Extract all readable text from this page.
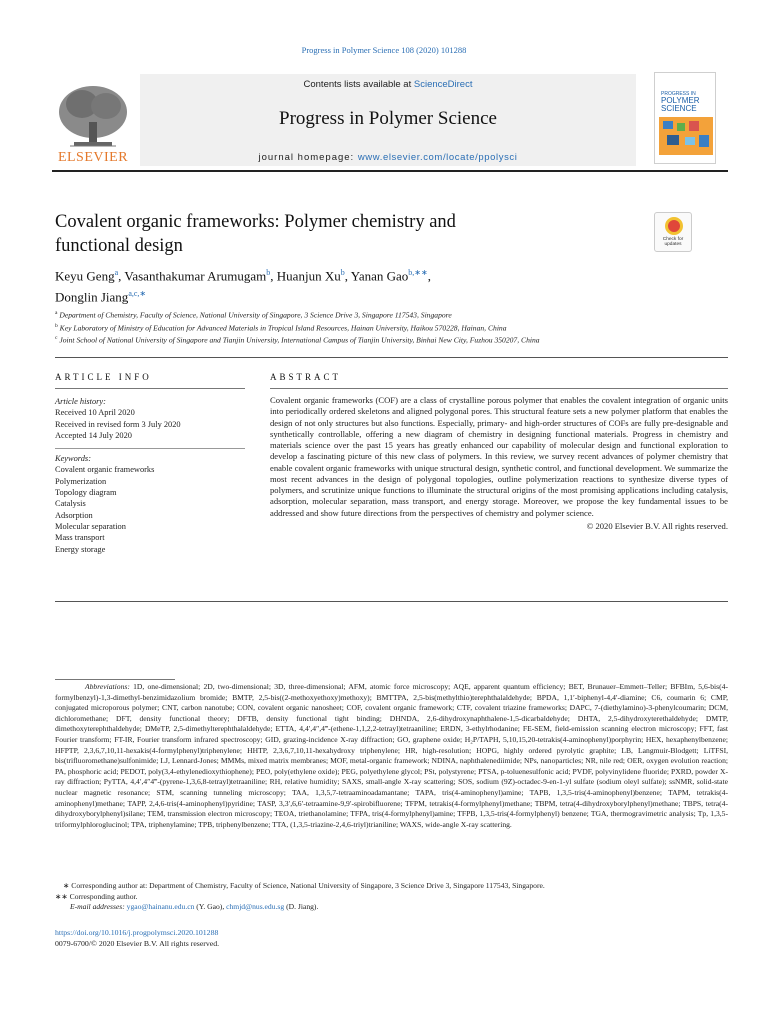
Progress in Polymer Science 108 (2020) 101288
Contents lists available at ScienceDirect
Progress in Polymer Science
journal homepage: www.elsevier.com/locate/ppolysci
ELSEVIER
PROGRESS IN
POLYMER
SCIENCE
Covalent organic frameworks: Polymer chemistry and
functional design	Check for updates
Keyu Geng$^a$, Vasanthakumar Arumugam$^b$, Huanjun Xu$^b$, Yanan Gao$^{b,∗∗}$,
Donglin Jiang$^{a,c,∗}$
$^a$ Department of Chemistry, Faculty of Science, National University of Singapore, 3 Science Drive 3, Singapore 117543, Singapore
$^b$ Key Laboratory of Ministry of Education for Advanced Materials in Tropical Island Resources, Hainan University, Haikou 570228, Hainan, China
$^c$ Joint School of National University of Singapore and Tianjin University, International Campus of Tianjin University, Binhai New City, Fuzhou 350207, China
ARTICLE INFO	ABSTRACT
Article history:
Received 10 April 2020
Received in revised form 3 July 2020
Accepted 14 July 2020
Keywords:
Covalent organic frameworks
Polymerization
Topology diagram
Catalysis
Adsorption
Molecular separation
Mass transport
Energy storage
Covalent organic frameworks (COF) are a class of crystalline porous polymer that enables the covalent integration of organic units into periodically ordered skeletons and aligned polygonal pores. This structural feature sets a new polymer platform that enables the design of not only structures but also functions. Especially, primary- and high-order structures of COFs are fully pre-designable and synthetically controllable, offering a new diagram of chemistry in designing functional materials. Progress in chemistry and materials science over the past 15 years has greatly enhanced our capability of molecular design and functional exploration to develop a fascinating picture of this new class of polymers. In this review, we survey recent advances of polymer chemistry that enable covalent organic frameworks with unique structural design, synthetic control, and functional development. We summarize the most recent advances in the design of polygonal topologies, outline polymerization reactions to synthesize diverse types of polymers, and scrutinize unique functions to illuminate the structural origins of the most promising applications including catalysis, adsorption, molecular separation, mass transport, and energy storage. Moreover, we propose the key fundamental issues to be addressed and show future directions from the perspectives of chemistry and polymer science.
© 2020 Elsevier B.V. All rights reserved.
Abbreviations: 1D, one-dimensional; 2D, two-dimensional; 3D, three-dimensional; AFM, atomic force microscopy; AQE, apparent quantum efficiency; BET, Brunauer–Emmett–Teller; BFBIm, 5,6-bis(4-formylbenzyl)-1,3-dimethyl-benzimidazolium bromide; BMTP, 2,5-bis((2-methoxyethoxy)methoxy); BMTTPA, 2,5-bis(methylthio)terephthalaldehyde; BPDA, 1,1′-biphenyl-4,4′-diamine; C6, coumarin 6; CMP, conjugated microporous polymer; CNT, carbon nanotube; CON, covalent organic nanosheet; COF, covalent organic framework; CTF, covalent triazine frameworks; DAPC, 7-(diethylamino)-3-phenylcoumarin; DCM, dichloromethane; DFT, density functional theory; DFTB, density functional tight binding; DHNDA, 2,6-dihydroxynaphthalene-1,5-dicarbaldehyde; DHTA, 2,5-dihydroxyterethaldehyde; DMTP, dimethoxyterephthaldehyde; DMeTP, 2,5-dimethylterephthalaldehyde; ETTA, 4,4′,4″,4‴-(ethene-1,1,2,2-tetrayl)tetraaniline; ERDN, 3-ethylrhodanine; FE-SEM, field-emission scanning electron microscopy; FFT, fast Fourier transform; FT-IR, Fourier transform infrared spectroscopy; GID, grazing-incidence X-ray diffraction; GO, graphene oxide; H₂P/TAPH, 5,10,15,20-tetrakis(4-aminophenyl)porphyrin; HEX, hexaphenylbenzene; HFPTP, 2,3,6,7,10,11-hexakis(4-formylphenyl)triphenylene; HHTP, 2,3,6,7,10,11-hexahydroxy triphenylene; HR, high-resolution; HOPG, highly ordered pyrolytic graphite; LB, Langmuir-Blodgett; LiTFSI, bis(trifluoromethane)sulfonimide; LJ, Lennard-Jones; MMMs, mixed matrix membranes; MOF, metal-organic framework; NDINA, naphthalenediimide; NPs, nanoparticles; NR, nile red; OER, oxygen evolution reaction; PA, phosphoric acid; PEDOT, poly(3,4-ethylenedioxythiophene); PEO, poly(ethylene oxide); PEG, polyethylene glycol; PSt, polystyrene; PTSA, p-toluenesulfonic acid; PVDF, polyvinylidene fluoride; PXRD, powder X-ray diffraction; PyTTA, 4,4′,4″4‴-(pyrene-1,3,6,8-tetrayl)tetraaniline; RH, relative humidity; SAXS, small-angle X-ray scattering; SOS, sodium (9Z)-octadec-9-en-1-yl sulfate (sodium oleyl sulfate); ssNMR, solid-state nuclear magnetic resonance; STM, scanning tunneling microscopy; TAA, 1,3,5,7-tetraaminoadamantane; TAPA, tris(4-aminophenyl)amine; TAPB, 1,3,5-tris(4-aminophenyl)benzene; TAPM, tetrakis(4-aminophenyl)methane; TAPP, 2,4,6-tris(4-aminophenyl)pyridine; TASP, 3,3′,6,6′-tetraamine-9,9′-spirobifluorene; TFPM, tetrakis(4-formylphenyl)methane; TBPM, tetra(4-dihydroxyborylphenyl)methane; TBPS, tetra(4-dihydroxyborylphenyl)silane; TEM, transmission electron microscopy; TEOA, triethanolamine; TFPA, tris(4-formylphenyl)amine; TFPB, 1,3,5-tris(4-formylphenyl) benzene; TGA, thermogravimetric analysis; Tp, 1,3,5-triformylphloroglucinol; TPA, triphenylamine; TPB, triphenylbenzene; TTA, (1,3,5-triazine-2,4,6-triyl)trianiline; WAXS, wide-angle X-ray scattering.
∗ Corresponding author at: Department of Chemistry, Faculty of Science, National University of Singapore, 3 Science Drive 3, Singapore 117543, Singapore.
∗∗ Corresponding author.
E-mail addresses: ygao@hainanu.edu.cn (Y. Gao), chmjd@nus.edu.sg (D. Jiang).
https://doi.org/10.1016/j.progpolymsci.2020.101288
0079-6700/© 2020 Elsevier B.V. All rights reserved.
